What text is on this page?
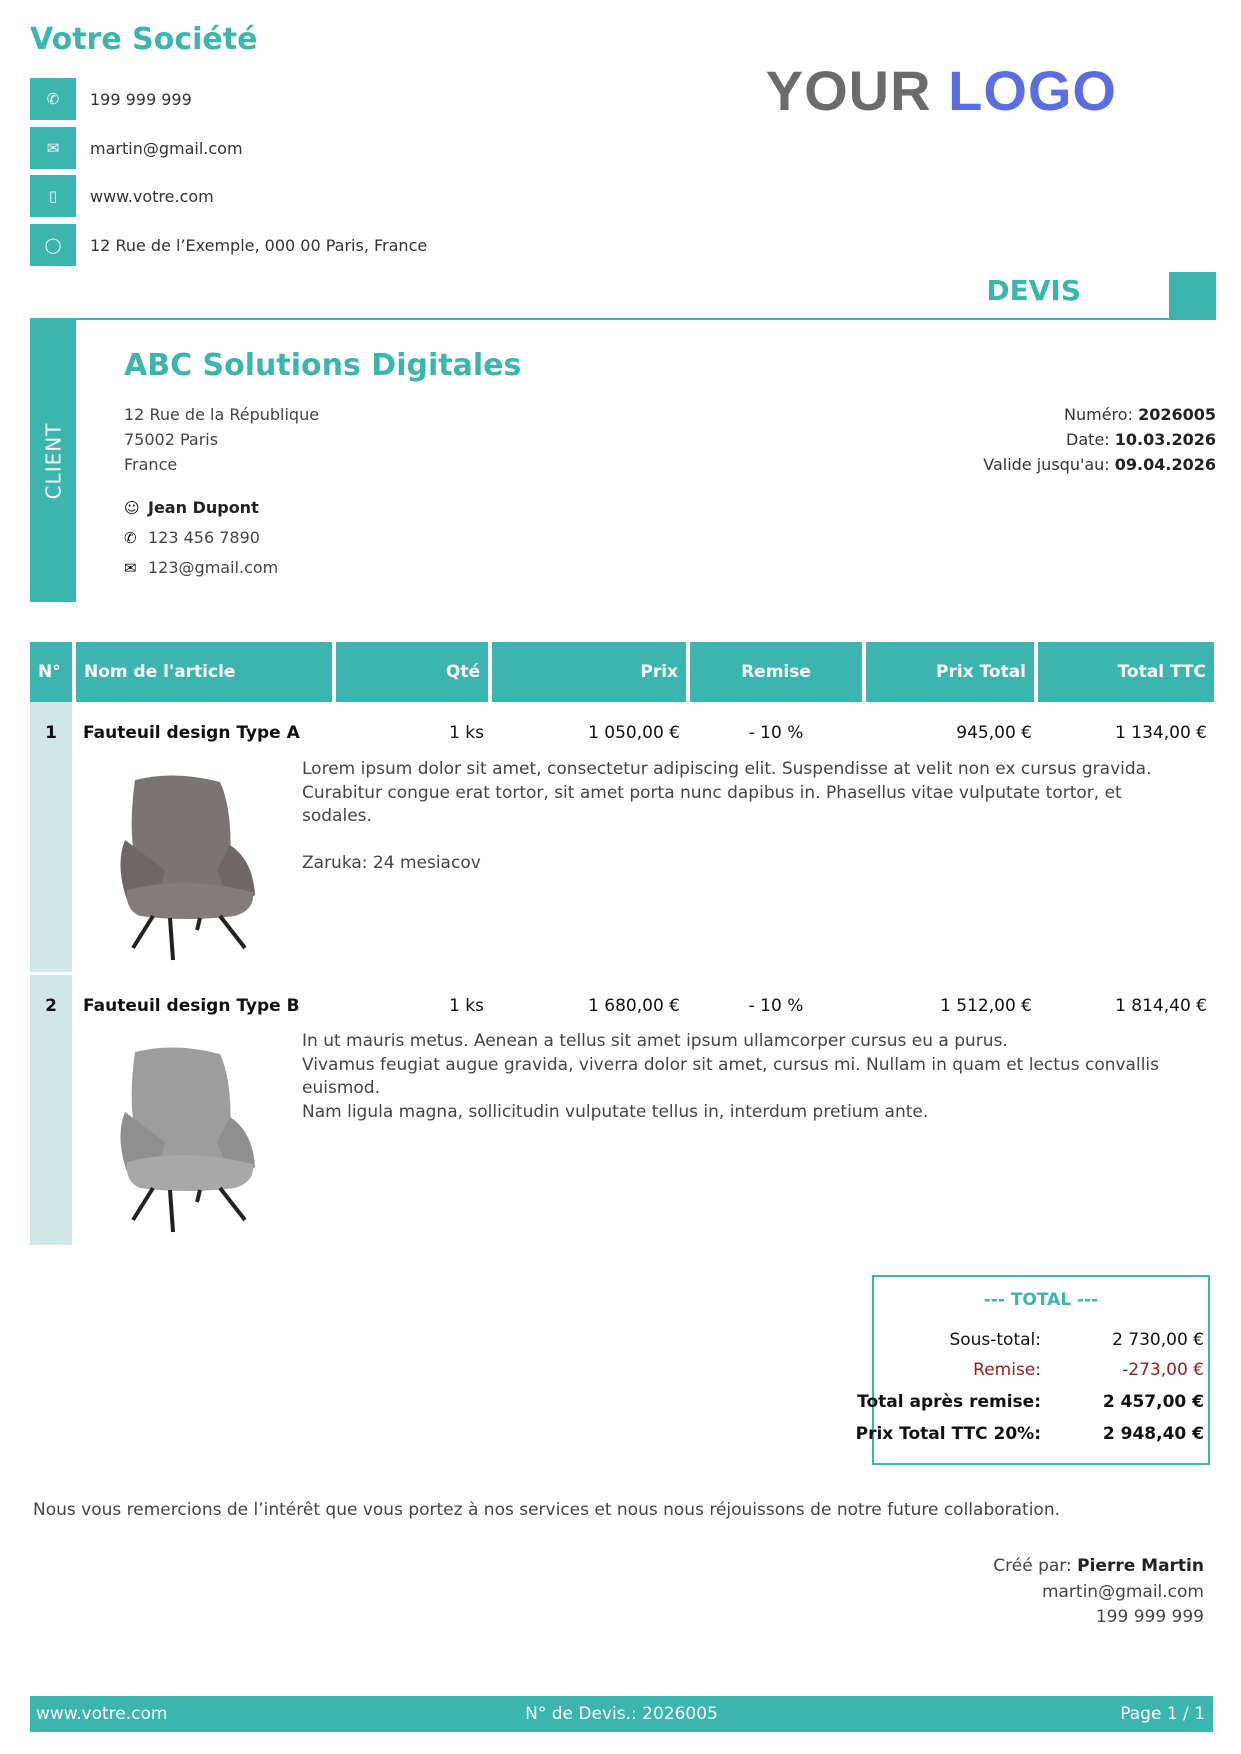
Votre Société
✆	199 999 999
✉	martin@gmail.com
▯	www.votre.com
◯	12 Rue de l’Exemple, 000 00 Paris, France
YOUR LOGO
DEVIS
CLIENT
ABC Solutions Digitales
12 Rue de la République
75002 Paris
France
☺ Jean Dupont
✆ 123 456 7890
✉ 123@gmail.com
Numéro: 2026005
Date: 10.03.2026
Valide jusqu'au: 09.04.2026
N°	Nom de l'article	Qté	Prix	Remise	Prix Total	Total TTC
1	Fauteuil design Type A	1 ks	1 050,00 €	- 10 %	945,00 €	1 134,00 €
Lorem ipsum dolor sit amet, consectetur adipiscing elit. Suspendisse at velit non ex cursus gravida.
Curabitur congue erat tortor, sit amet porta nunc dapibus in. Phasellus vitae vulputate tortor, et
sodales.
Zaruka: 24 mesiacov
2	Fauteuil design Type B	1 ks	1 680,00 €	- 10 %	1 512,00 €	1 814,40 €
In ut mauris metus. Aenean a tellus sit amet ipsum ullamcorper cursus eu a purus.
Vivamus feugiat augue gravida, viverra dolor sit amet, cursus mi. Nullam in quam et lectus convallis
euismod.
Nam ligula magna, sollicitudin vulputate tellus in, interdum pretium ante.
--- TOTAL ---
Sous-total:	2 730,00 €
Remise:	-273,00 €
Total après remise:	2 457,00 €
Prix Total TTC 20%:	2 948,40 €
Nous vous remercions de l’intérêt que vous portez à nos services et nous nous réjouissons de notre future collaboration.
Créé par: Pierre Martin
martin@gmail.com
199 999 999
www.votre.com	N° de Devis.: 2026005	Page 1 / 1
